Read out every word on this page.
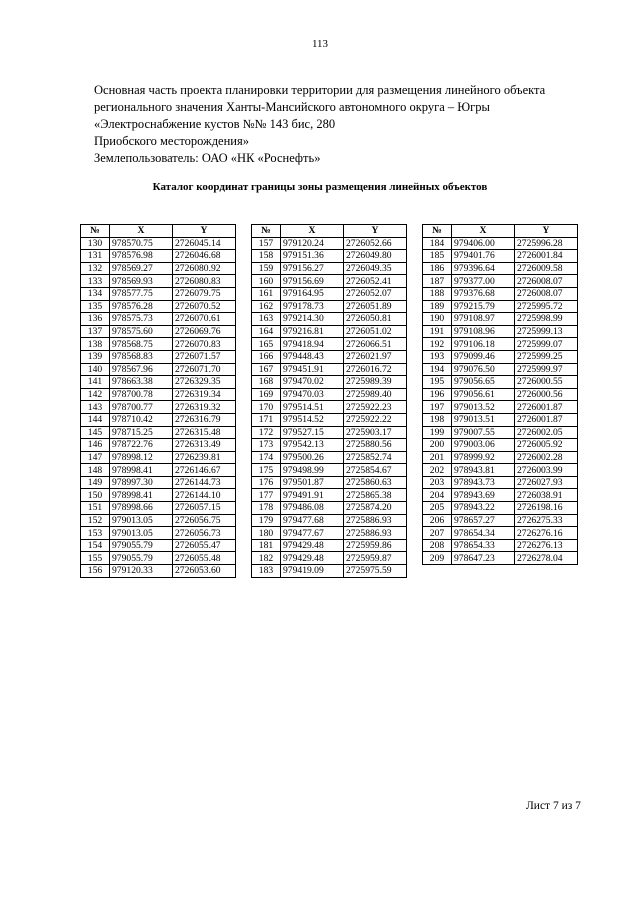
113
Основная часть проекта планировки территории для размещения линейного объекта
регионального значения Ханты-Мансийского автономного округа – Югры
«Электроснабжение кустов №№ 143 бис, 280
Приобского месторождения»
Землепользователь: ОАО «НК «Роснефть»
Каталог координат границы зоны размещения линейных объектов
№	X	Y
130	978570.75	2726045.14
131	978576.98	2726046.68
132	978569.27	2726080.92
133	978569.93	2726080.83
134	978577.75	2726079.75
135	978576.28	2726070.52
136	978575.73	2726070.61
137	978575.60	2726069.76
138	978568.75	2726070.83
139	978568.83	2726071.57
140	978567.96	2726071.70
141	978663.38	2726329.35
142	978700.78	2726319.34
143	978700.77	2726319.32
144	978710.42	2726316.79
145	978715.25	2726315.48
146	978722.76	2726313.49
147	978998.12	2726239.81
148	978998.41	2726146.67
149	978997.30	2726144.73
150	978998.41	2726144.10
151	978998.66	2726057.15
152	979013.05	2726056.75
153	979013.05	2726056.73
154	979055.79	2726055.47
155	979055.79	2726055.48
156	979120.33	2726053.60
№	X	Y
157	979120.24	2726052.66
158	979151.36	2726049.80
159	979156.27	2726049.35
160	979156.69	2726052.41
161	979164.95	2726052.07
162	979178.73	2726051.89
163	979214.30	2726050.81
164	979216.81	2726051.02
165	979418.94	2726066.51
166	979448.43	2726021.97
167	979451.91	2726016.72
168	979470.02	2725989.39
169	979470.03	2725989.40
170	979514.51	2725922.23
171	979514.52	2725922.22
172	979527.15	2725903.17
173	979542.13	2725880.56
174	979500.26	2725852.74
175	979498.99	2725854.67
176	979501.87	2725860.63
177	979491.91	2725865.38
178	979486.08	2725874.20
179	979477.68	2725886.93
180	979477.67	2725886.93
181	979429.48	2725959.86
182	979429.48	2725959.87
183	979419.09	2725975.59
№	X	Y
184	979406.00	2725996.28
185	979401.76	2726001.84
186	979396.64	2726009.58
187	979377.00	2726008.07
188	979376.68	2726008.07
189	979215.79	2725995.72
190	979108.97	2725998.99
191	979108.96	2725999.13
192	979106.18	2725999.07
193	979099.46	2725999.25
194	979076.50	2725999.97
195	979056.65	2726000.55
196	979056.61	2726000.56
197	979013.52	2726001.87
198	979013.51	2726001.87
199	979007.55	2726002.05
200	979003.06	2726005.92
201	978999.92	2726002.28
202	978943.81	2726003.99
203	978943.73	2726027.93
204	978943.69	2726038.91
205	978943.22	2726198.16
206	978657.27	2726275.33
207	978654.34	2726276.16
208	978654.33	2726276.13
209	978647.23	2726278.04
Лист 7 из 7
